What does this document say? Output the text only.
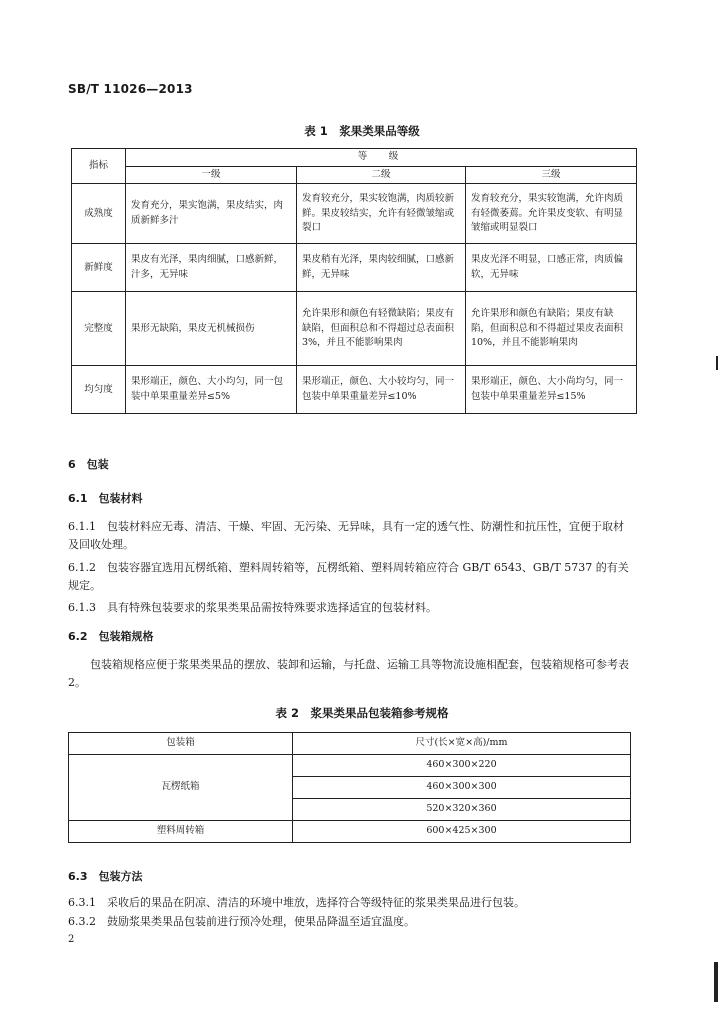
SB/T 11026—2013
表 1　浆果类果品等级
指标	等　级		
	一级	二级	三级
成熟度	发育充分，果实饱满，果皮结实，肉质新鲜多汁	发育较充分，果实较饱满，肉质较新鲜。果皮较结实，允许有轻微皱缩或裂口	发育较充分，果实较饱满，允许肉质有轻微萎蔫。允许果皮变软、有明显皱缩或明显裂口
新鲜度	果皮有光泽，果肉细腻，口感新鲜，汁多，无异味	果皮稍有光泽，果肉较细腻，口感新鲜，无异味	果皮光泽不明显，口感正常，肉质偏软，无异味
完整度	果形无缺陷，果皮无机械损伤	允许果形和颜色有轻微缺陷；果皮有缺陷，但面积总和不得超过总表面积 3%，并且不能影响果肉	允许果形和颜色有缺陷；果皮有缺陷，但面积总和不得超过果皮表面积 10%，并且不能影响果肉
均匀度	果形端正，颜色、大小均匀，同一包装中单果重量差异≤5%	果形端正，颜色、大小较均匀，同一包装中单果重量差异≤10%	果形端正，颜色、大小尚均匀，同一包装中单果重量差异≤15%
6　包装
6.1　包装材料
6.1.1　包装材料应无毒、清洁、干燥、牢固、无污染、无异味，具有一定的透气性、防潮性和抗压性，宜便于取材及回收处理。
6.1.2　包装容器宜选用瓦楞纸箱、塑料周转箱等，瓦楞纸箱、塑料周转箱应符合 GB/T 6543、GB/T 5737 的有关规定。
6.1.3　具有特殊包装要求的浆果类果品需按特殊要求选择适宜的包装材料。
6.2　包装箱规格
包装箱规格应便于浆果类果品的摆放、装卸和运输，与托盘、运输工具等物流设施相配套，包装箱规格可参考表 2。
表 2　浆果类果品包装箱参考规格
包装箱	尺寸(长×宽×高)/mm
瓦楞纸箱	460×300×220
	460×300×300
	520×320×360
塑料周转箱	600×425×300
6.3　包装方法
6.3.1　采收后的果品在阴凉、清洁的环境中堆放，选择符合等级特征的浆果类果品进行包装。
6.3.2　鼓励浆果类果品包装前进行预冷处理，使果品降温至适宜温度。
2
